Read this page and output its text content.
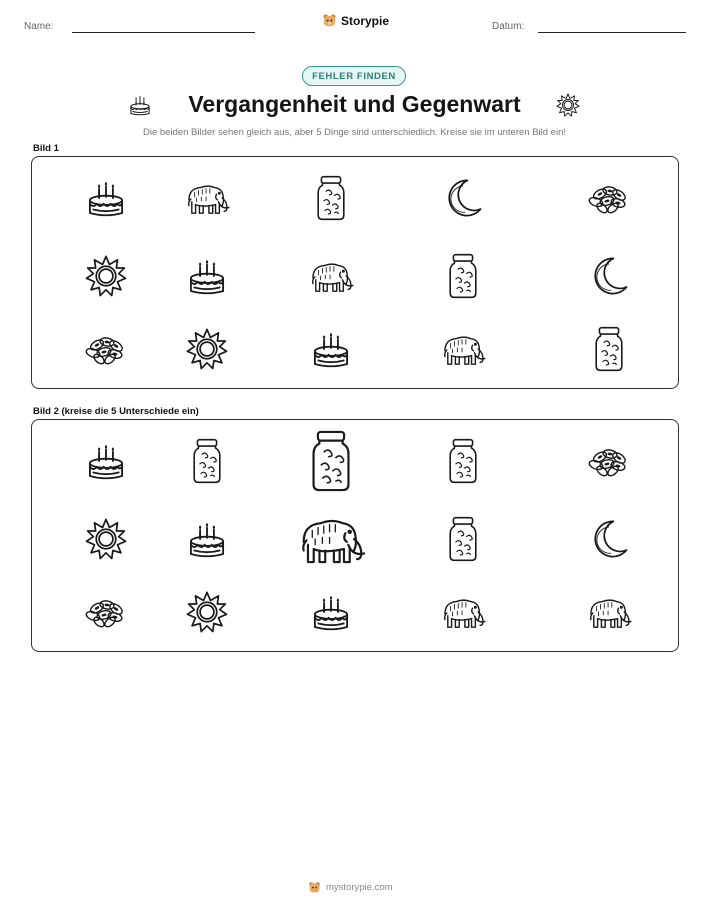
Name:	Storypie	Datum:
FEHLER FINDEN
Vergangenheit und Gegenwart
Die beiden Bilder sehen gleich aus, aber 5 Dinge sind unterschiedlich. Kreise sie im unteren Bild ein!
Bild 1
Bild 2 (kreise die 5 Unterschiede ein)
mystorypie.com
